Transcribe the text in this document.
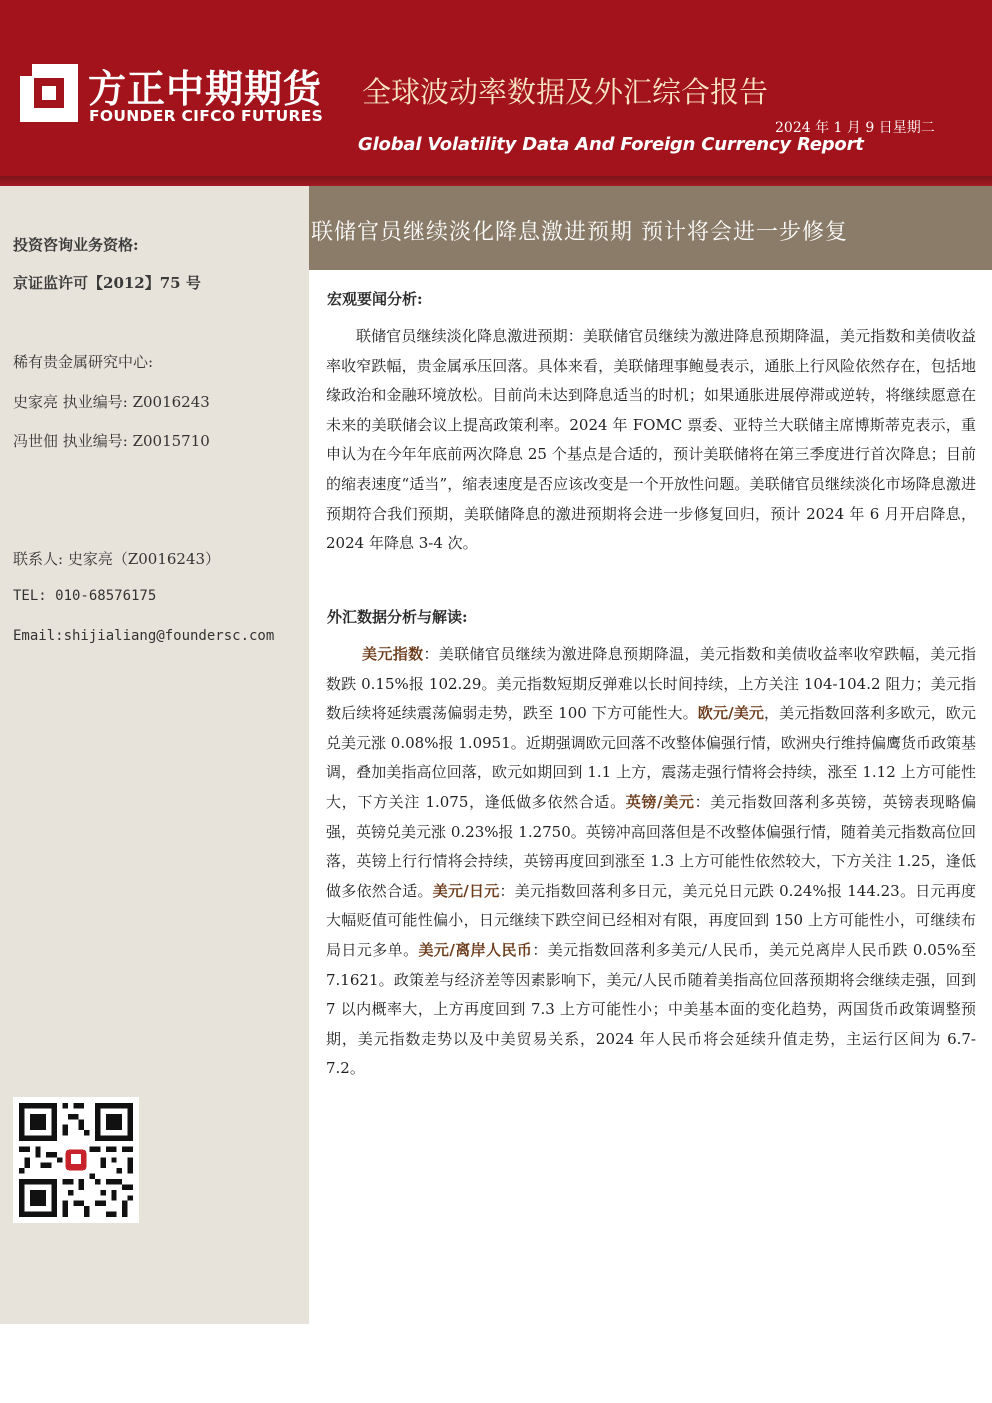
方正中期期货
FOUNDER CIFCO FUTURES
全球波动率数据及外汇综合报告
2024 年 1 月 9 日星期二
Global Volatility Data And Foreign Currency Report
投资咨询业务资格:
京证监许可【2012】75 号
稀有贵金属研究中心:
史家亮 执业编号: Z0016243
冯世佃 执业编号: Z0015710
联系人: 史家亮（Z0016243）
TEL: 010-68576175
Email:shijialiang@foundersc.com
联储官员继续淡化降息激进预期 预计将会进一步修复
宏观要闻分析:

联储官员继续淡化降息激进预期：美联储官员继续为激进降息预期降温，美元指数和美债收益率收窄跌幅，贵金属承压回落。具体来看，美联储理事鲍曼表示，通胀上行风险依然存在，包括地缘政治和金融环境放松。目前尚未达到降息适当的时机；如果通胀进展停滞或逆转，将继续愿意在未来的美联储会议上提高政策利率。2024 年 FOMC 票委、亚特兰大联储主席博斯蒂克表示，重申认为在今年年底前两次降息 25 个基点是合适的，预计美联储将在第三季度进行首次降息；目前的缩表速度“适当”，缩表速度是否应该改变是一个开放性问题。美联储官员继续淡化市场降息激进预期符合我们预期，美联储降息的激进预期将会进一步修复回归，预计 2024 年 6 月开启降息，2024 年降息 3-4 次。

外汇数据分析与解读:

美元指数：美联储官员继续为激进降息预期降温，美元指数和美债收益率收窄跌幅，美元指数跌 0.15%报 102.29。美元指数短期反弹难以长时间持续，上方关注 104-104.2 阻力；美元指数后续将延续震荡偏弱走势，跌至 100 下方可能性大。欧元/美元，美元指数回落利多欧元，欧元兑美元涨 0.08%报 1.0951。近期强调欧元回落不改整体偏强行情，欧洲央行维持偏鹰货币政策基调，叠加美指高位回落，欧元如期回到 1.1 上方，震荡走强行情将会持续，涨至 1.12 上方可能性大，下方关注 1.075，逢低做多依然合适。英镑/美元：美元指数回落利多英镑，英镑表现略偏强，英镑兑美元涨 0.23%报 1.2750。英镑冲高回落但是不改整体偏强行情，随着美元指数高位回落，英镑上行行情将会持续，英镑再度回到涨至 1.3 上方可能性依然较大，下方关注 1.25，逢低做多依然合适。美元/日元：美元指数回落利多日元，美元兑日元跌 0.24%报 144.23。日元再度大幅贬值可能性偏小，日元继续下跌空间已经相对有限，再度回到 150 上方可能性小，可继续布局日元多单。美元/离岸人民币：美元指数回落利多美元/人民币，美元兑离岸人民币跌 0.05%至 7.1621。政策差与经济差等因素影响下，美元/人民币随着美指高位回落预期将会继续走强，回到 7 以内概率大，上方再度回到 7.3 上方可能性小；中美基本面的变化趋势，两国货币政策调整预期，美元指数走势以及中美贸易关系，2024 年人民币将会延续升值走势，主运行区间为 6.7-7.2。
